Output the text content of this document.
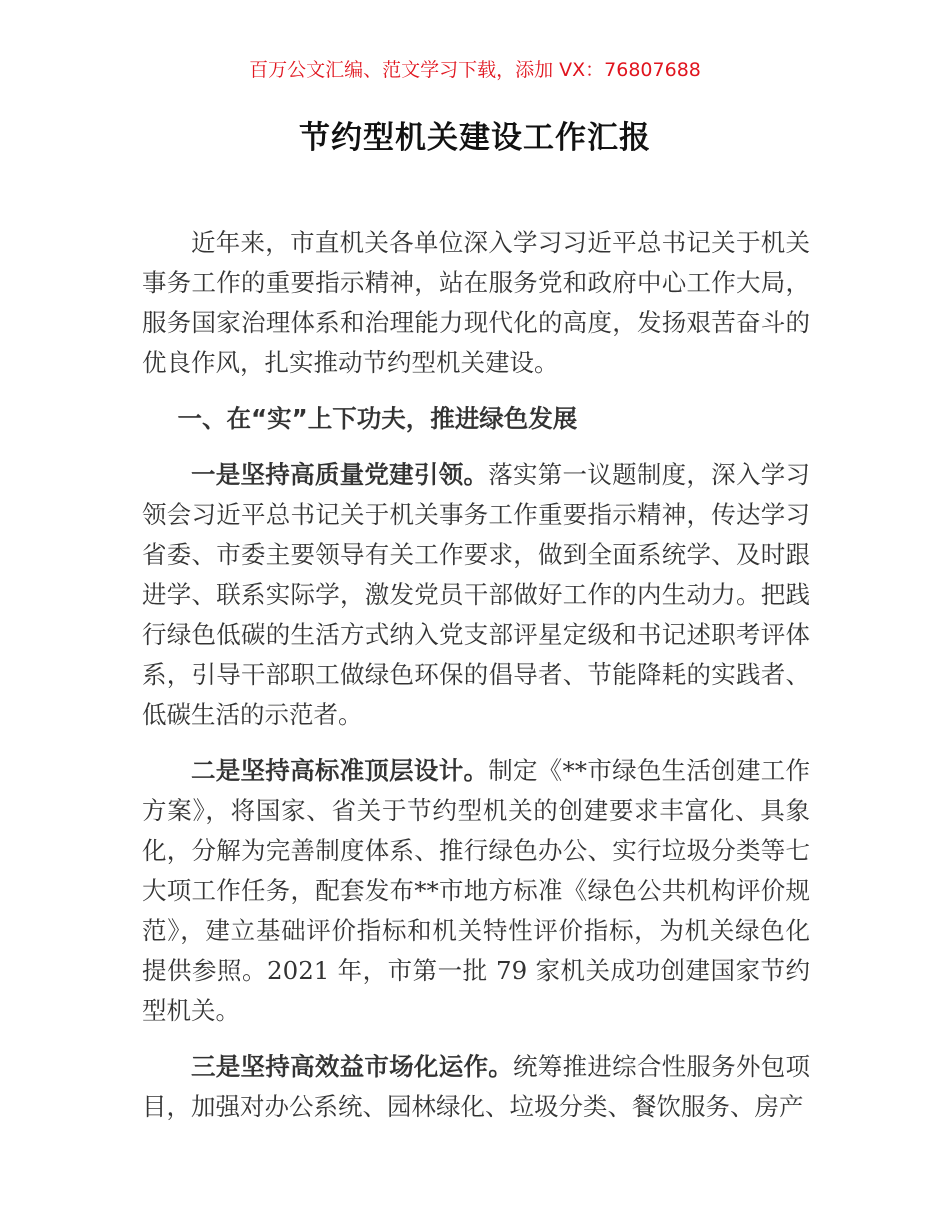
百万公文汇编、范文学习下载，添加 VX：76807688
节约型机关建设工作汇报

近年来，市直机关各单位深入学习习近平总书记关于机关事务工作的重要指示精神，站在服务党和政府中心工作大局，服务国家治理体系和治理能力现代化的高度，发扬艰苦奋斗的优良作风，扎实推动节约型机关建设。

一、在“实”上下功夫，推进绿色发展

一是坚持高质量党建引领。落实第一议题制度，深入学习领会习近平总书记关于机关事务工作重要指示精神，传达学习省委、市委主要领导有关工作要求，做到全面系统学、及时跟进学、联系实际学，激发党员干部做好工作的内生动力。把践行绿色低碳的生活方式纳入党支部评星定级和书记述职考评体系，引导干部职工做绿色环保的倡导者、节能降耗的实践者、低碳生活的示范者。

二是坚持高标准顶层设计。制定《**市绿色生活创建工作方案》，将国家、省关于节约型机关的创建要求丰富化、具象化，分解为完善制度体系、推行绿色办公、实行垃圾分类等七大项工作任务，配套发布**市地方标准《绿色公共机构评价规范》，建立基础评价指标和机关特性评价指标，为机关绿色化提供参照。2021 年，市第一批 79 家机关成功创建国家节约型机关。

三是坚持高效益市场化运作。统筹推进综合性服务外包项目，加强对办公系统、园林绿化、垃圾分类、餐饮服务、房产
